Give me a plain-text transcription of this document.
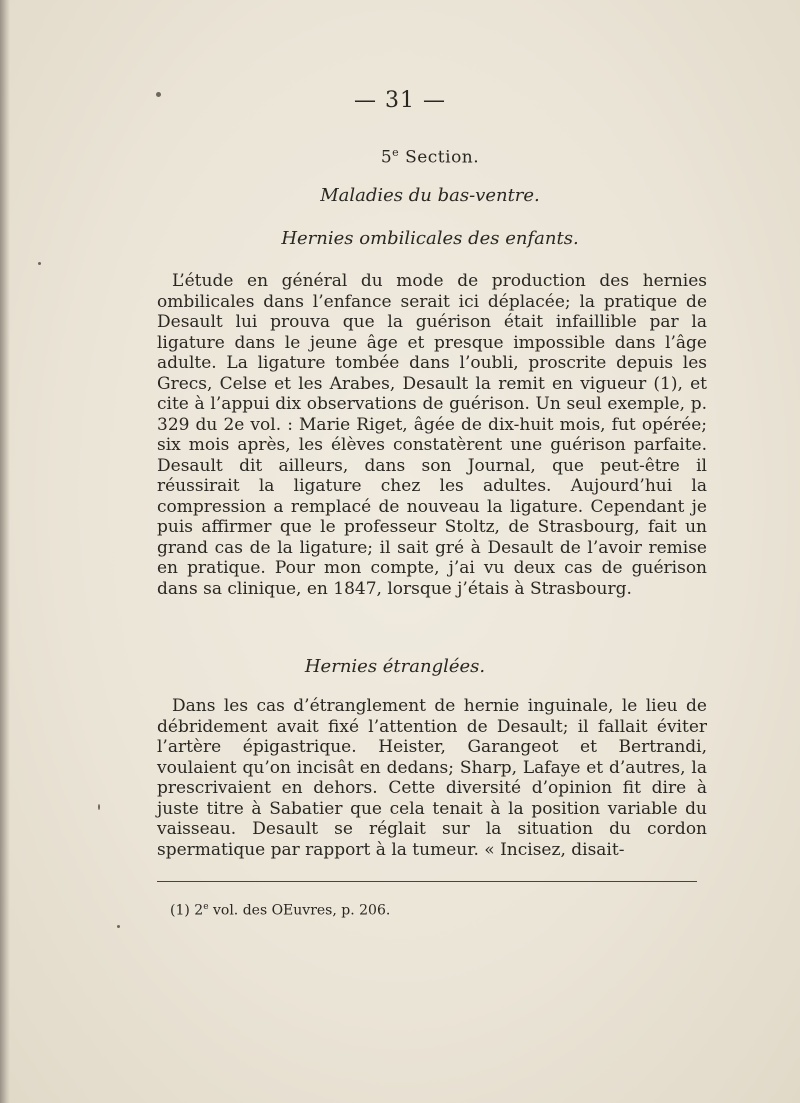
— 31 —
5e Section.
Maladies du bas-ventre.
Hernies ombilicales des enfants.

L’étude en général du mode de production des hernies ombilicales dans l’enfance serait ici déplacée; la pratique de Desault lui prouva que la guérison était infaillible par la ligature dans le jeune âge et presque impossible dans l’âge adulte. La ligature tombée dans l’oubli, proscrite depuis les Grecs, Celse et les Arabes, Desault la remit en vigueur (1), et cite à l’appui dix observations de guérison. Un seul exemple, p. 329 du 2e vol. : Marie Riget, âgée de dix-huit mois, fut opérée; six mois après, les élèves constatèrent une guérison parfaite. Desault dit ailleurs, dans son Journal, que peut-être il réussirait la ligature chez les adultes. Aujourd’hui la compression a remplacé de nouveau la ligature. Cependant je puis affirmer que le professeur Stoltz, de Strasbourg, fait un grand cas de la ligature; il sait gré à Desault de l’avoir remise en pratique. Pour mon compte, j’ai vu deux cas de guérison dans sa clinique, en 1847, lorsque j’étais à Strasbourg.

Hernies étranglées.

Dans les cas d’étranglement de hernie inguinale, le lieu de débridement avait fixé l’attention de Desault; il fallait éviter l’artère épigastrique. Heister, Garangeot et Bertrandi, voulaient qu’on incisât en dedans; Sharp, Lafaye et d’autres, la prescrivaient en dehors. Cette diversité d’opinion fit dire à juste titre à Sabatier que cela tenait à la position variable du vaisseau. Desault se réglait sur la situation du cordon spermatique par rapport à la tumeur. « Incisez, disait-

(1) 2e vol. des OEuvres, p. 206.
